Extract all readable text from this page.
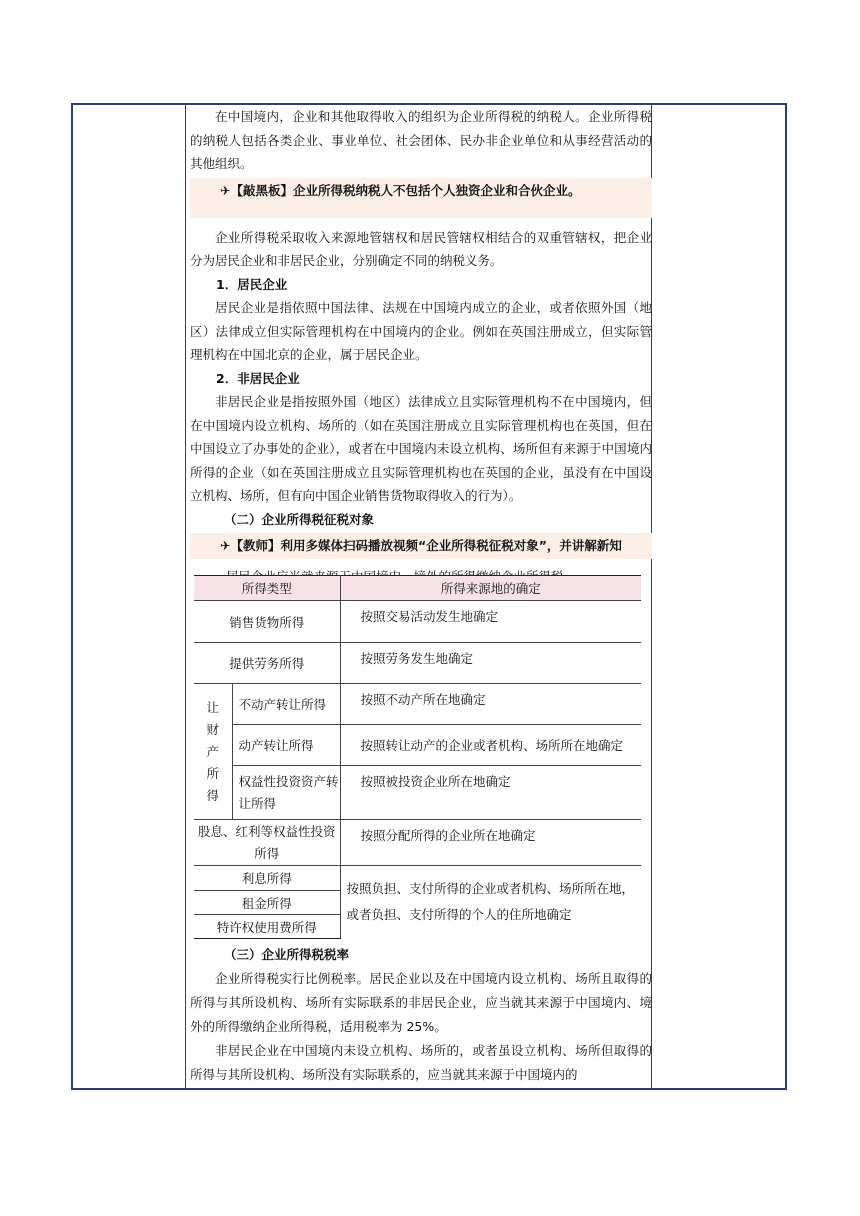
在中国境内，企业和其他取得收入的组织为企业所得税的纳税人。企业所得税的纳税人包括各类企业、事业单位、社会团体、民办非企业单位和从事经营活动的其他组织。

✈【敲黑板】企业所得税纳税人不包括个人独资企业和合伙企业。

企业所得税采取收入来源地管辖权和居民管辖权相结合的双重管辖权，把企业分为居民企业和非居民企业，分别确定不同的纳税义务。

1．居民企业

居民企业是指依照中国法律、法规在中国境内成立的企业，或者依照外国（地区）法律成立但实际管理机构在中国境内的企业。例如在英国注册成立，但实际管理机构在中国北京的企业，属于居民企业。

2．非居民企业

非居民企业是指按照外国（地区）法律成立且实际管理机构不在中国境内，但在中国境内设立机构、场所的（如在英国注册成立且实际管理机构也在英国，但在中国设立了办事处的企业），或者在中国境内未设立机构、场所但有来源于中国境内所得的企业（如在英国注册成立且实际管理机构也在英国的企业，虽没有在中国设立机构、场所，但有向中国企业销售货物取得收入的行为）。

（二）企业所得税征税对象

✈【教师】利用多媒体扫码播放视频“企业所得税征税对象”，并讲解新知

所得类型		所得来源地的确定
销售货物所得		按照交易活动发生地确定
提供劳务所得		按照劳务发生地确定
让财产所得	不动产转让所得	按照不动产所在地确定
	动产转让所得	按照转让动产的企业或者机构、场所所在地确定
	权益性投资资产转让所得	按照被投资企业所在地确定
股息、红利等权益性投资所得		按照分配所得的企业所在地确定
利息所得		按照负担、支付所得的企业或者机构、场所所在地，或者负担、支付所得的个人的住所地确定
租金所得		
特许权使用费所得		

（三）企业所得税税率

企业所得税实行比例税率。居民企业以及在中国境内设立机构、场所且取得的所得与其所设机构、场所有实际联系的非居民企业，应当就其来源于中国境内、境外的所得缴纳企业所得税，适用税率为 25%。

非居民企业在中国境内未设立机构、场所的，或者虽设立机构、场所但取得的所得与其所设机构、场所没有实际联系的，应当就其来源于中国境内的
